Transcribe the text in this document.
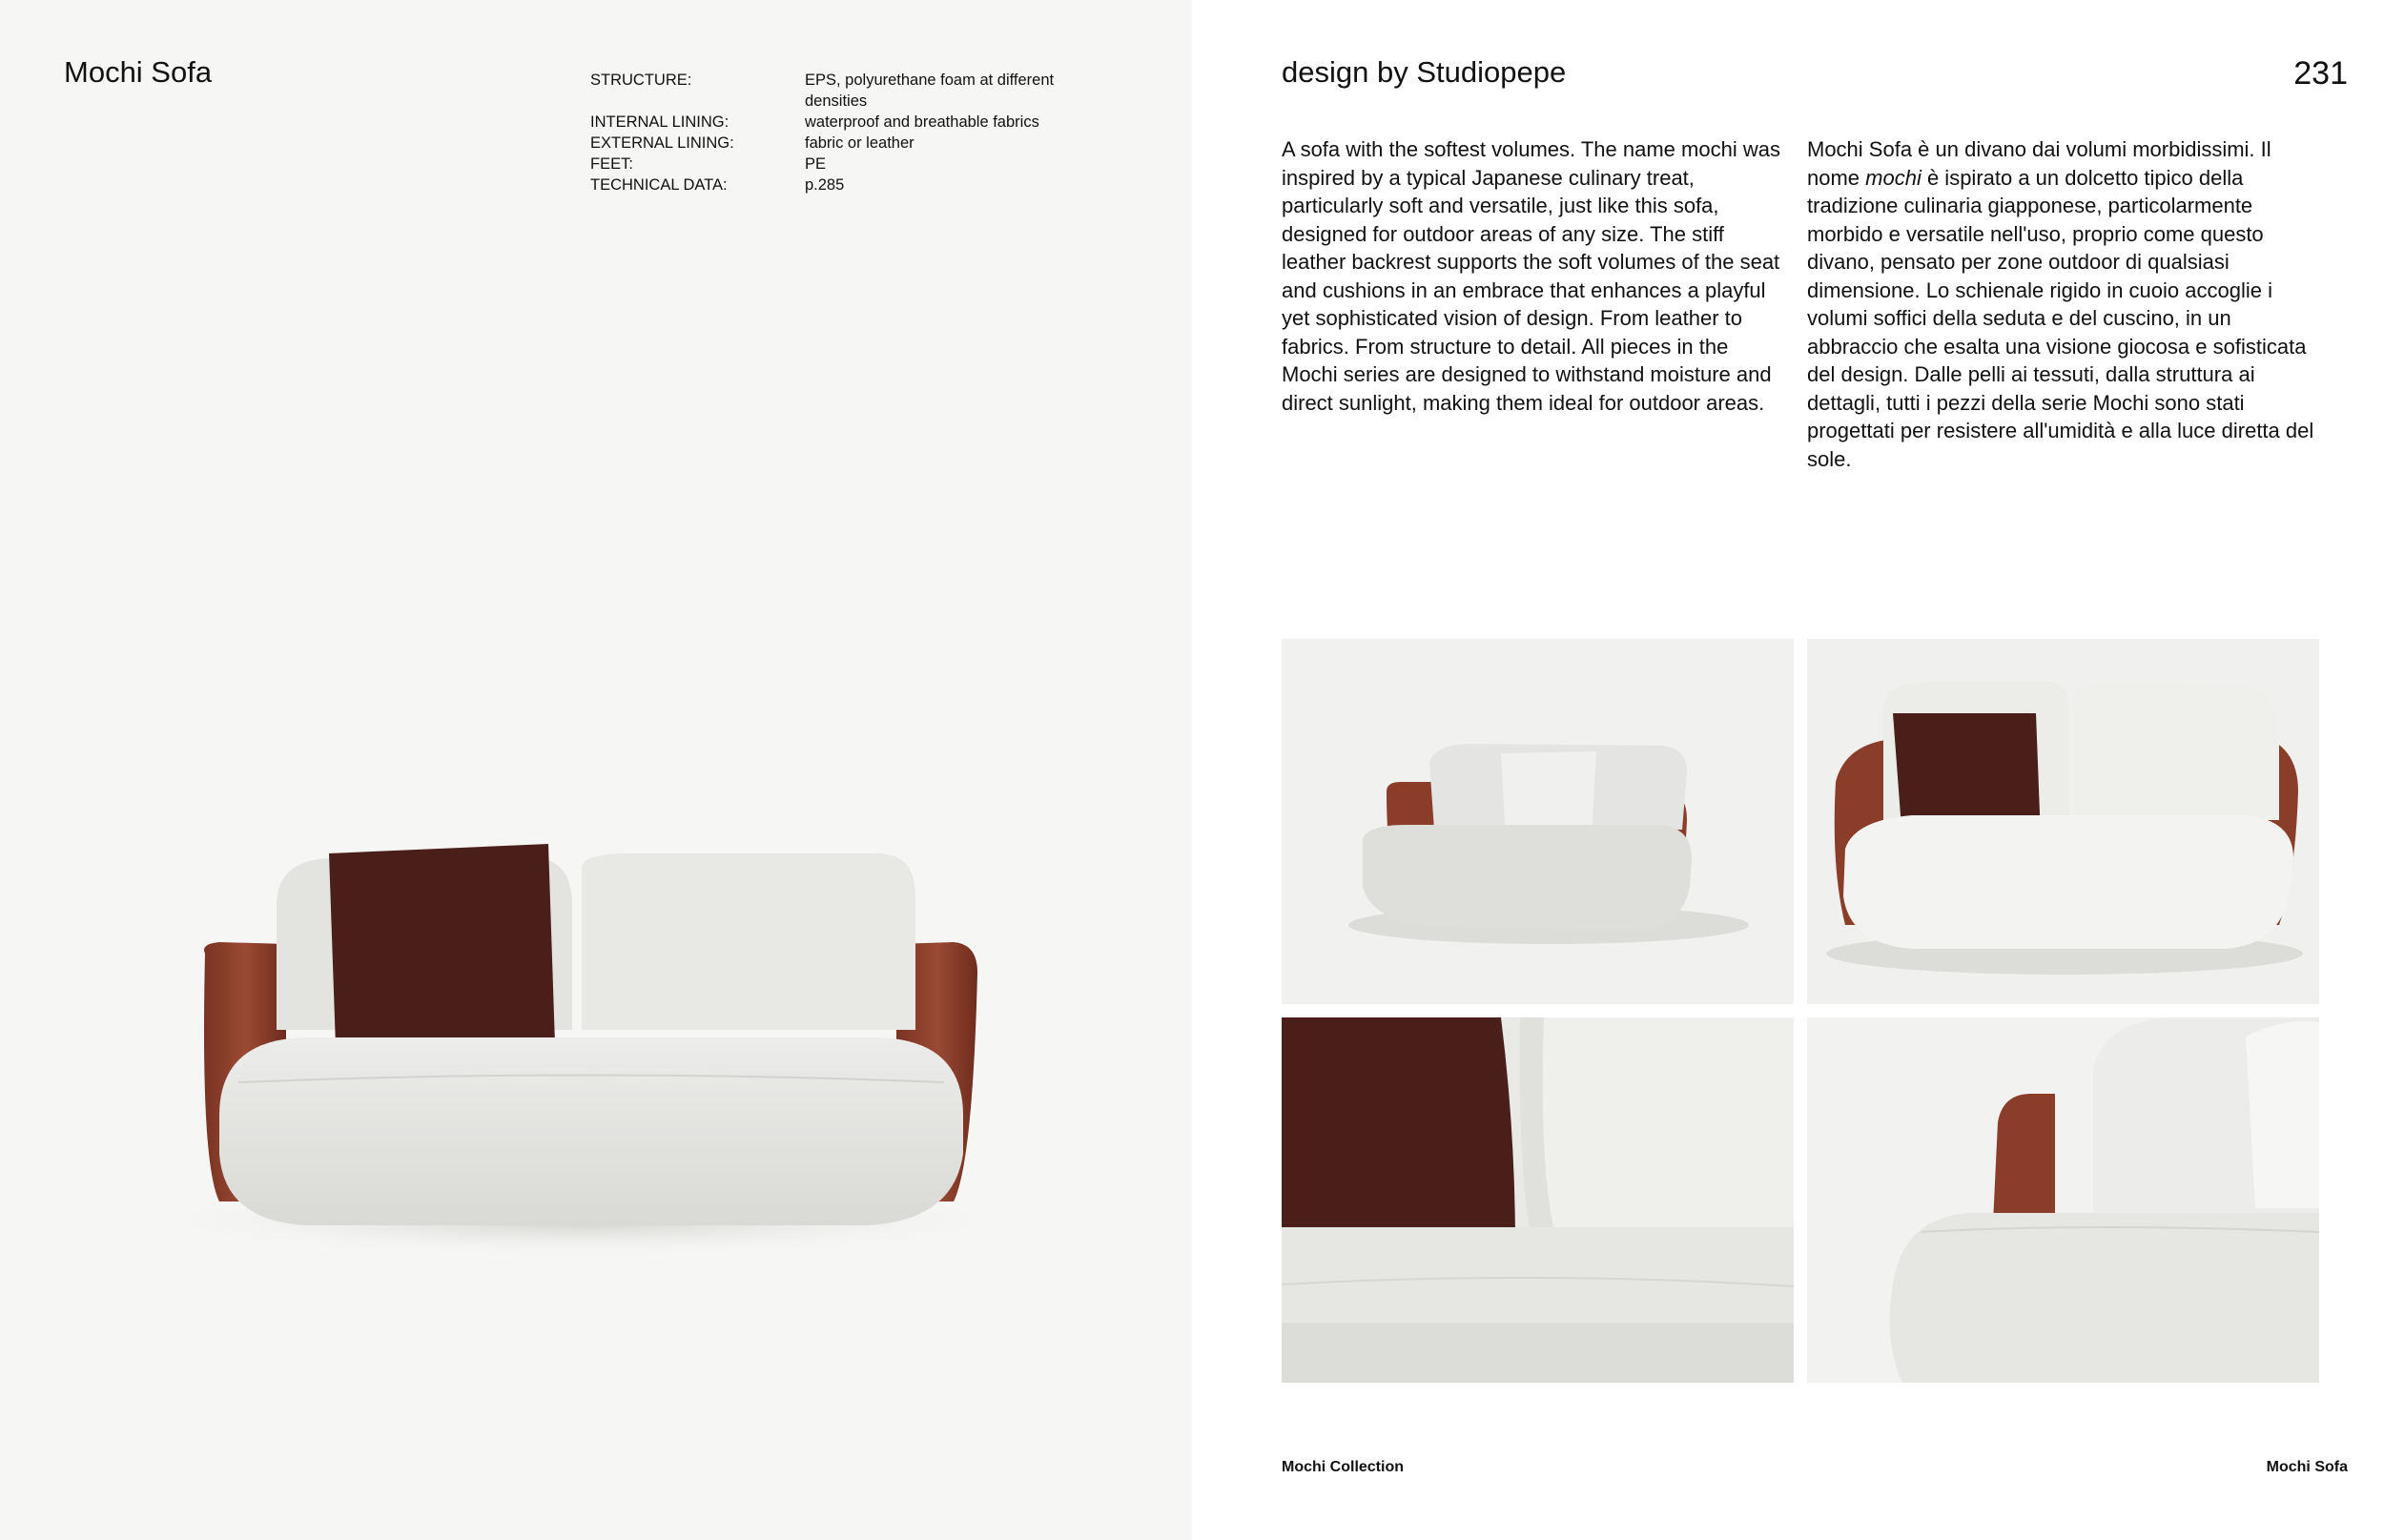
Mochi Sofa	STRUCTURE:	EPS, polyurethane foam at different densities
INTERNAL LINING:	waterproof and breathable fabrics
EXTERNAL LINING:	fabric or leather
FEET:	PE
TECHNICAL DATA:	p.285
design by Studiopepe	231

A sofa with the softest volumes. The name mochi was inspired by a typical Japanese culinary treat, particularly soft and versatile, just like this sofa, designed for outdoor areas of any size. The stiff leather backrest supports the soft volumes of the seat and cushions in an embrace that enhances a playful yet sophisticated vision of design. From leather to fabrics. From structure to detail. All pieces in the Mochi series are designed to withstand moisture and direct sunlight, making them ideal for outdoor areas.

Mochi Sofa è un divano dai volumi morbidissimi. Il nome mochi è ispirato a un dolcetto tipico della tradizione culinaria giapponese, particolarmente morbido e versatile nell'uso, proprio come questo divano, pensato per zone outdoor di qualsiasi dimensione. Lo schienale rigido in cuoio accoglie i volumi soffici della seduta e del cuscino, in un abbraccio che esalta una visione giocosa e sofisticata del design. Dalle pelli ai tessuti, dalla struttura ai dettagli, tutti i pezzi della serie Mochi sono stati progettati per resistere all'umidità e alla luce diretta del sole.

Mochi Collection	Mochi Sofa
